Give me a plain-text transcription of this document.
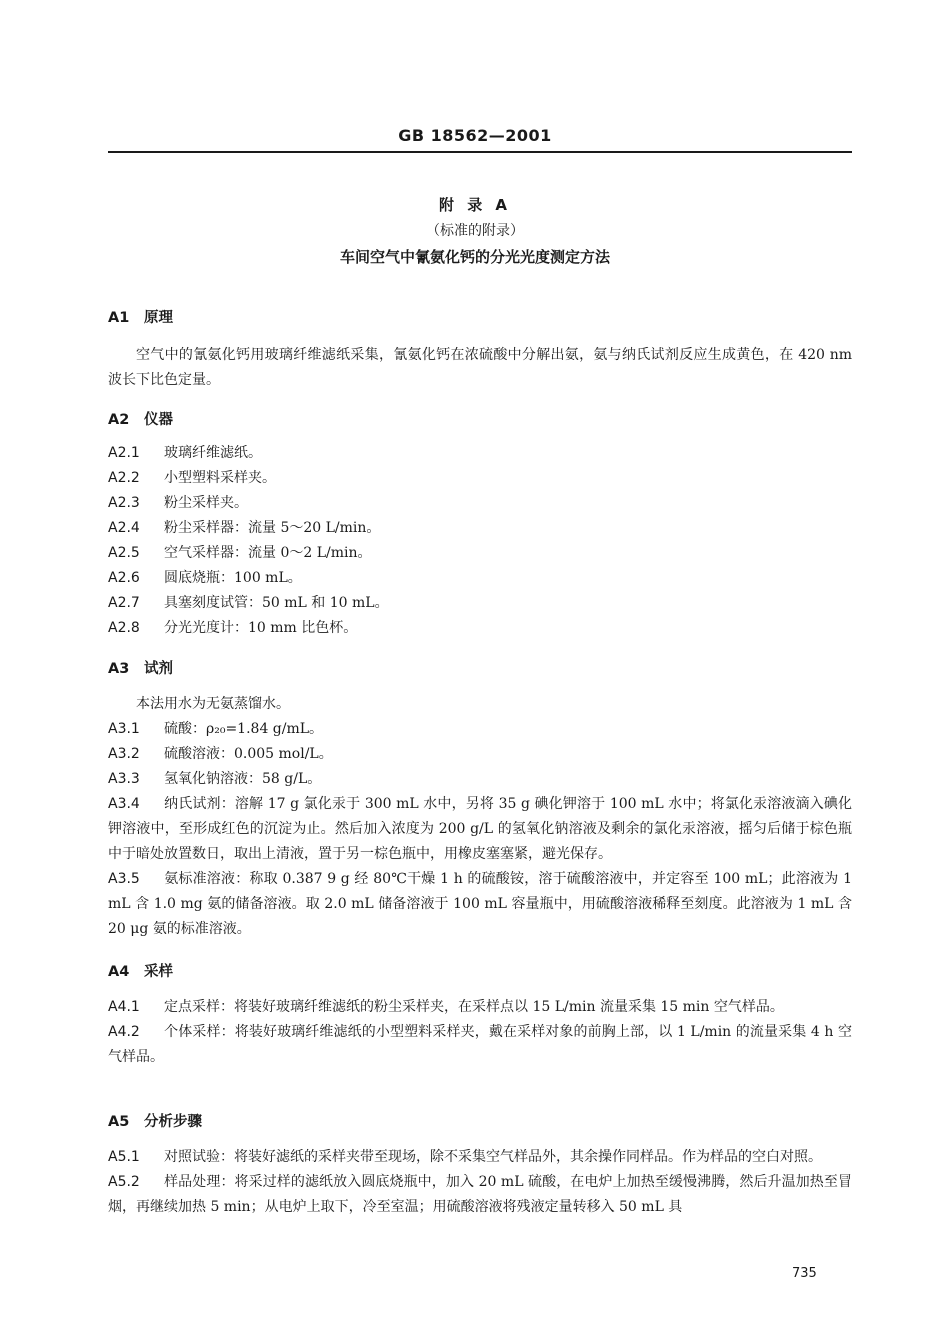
GB 18562—2001
附 录 A
（标准的附录）
车间空气中氰氨化钙的分光光度测定方法
A1 原理
空气中的氰氨化钙用玻璃纤维滤纸采集，氰氨化钙在浓硫酸中分解出氨，氨与纳氏试剂反应生成黄色，在 420 nm 波长下比色定量。
A2 仪器

A2.1 玻璃纤维滤纸。

A2.2 小型塑料采样夹。

A2.3 粉尘采样夹。

A2.4 粉尘采样器：流量 5～20 L/min。

A2.5 空气采样器：流量 0～2 L/min。

A2.6 圆底烧瓶：100 mL。

A2.7 具塞刻度试管：50 mL 和 10 mL。

A2.8 分光光度计：10 mm 比色杯。

A3 试剂

本法用水为无氨蒸馏水。

A3.1 硫酸：ρ₂₀=1.84 g/mL。

A3.2 硫酸溶液：0.005 mol/L。

A3.3 氢氧化钠溶液：58 g/L。

A3.4 纳氏试剂：溶解 17 g 氯化汞于 300 mL 水中，另将 35 g 碘化钾溶于 100 mL 水中；将氯化汞溶液滴入碘化钾溶液中，至形成红色的沉淀为止。然后加入浓度为 200 g/L 的氢氧化钠溶液及剩余的氯化汞溶液，摇匀后储于棕色瓶中于暗处放置数日，取出上清液，置于另一棕色瓶中，用橡皮塞塞紧，避光保存。

A3.5 氨标准溶液：称取 0.387 9 g 经 80℃干燥 1 h 的硫酸铵，溶于硫酸溶液中，并定容至 100 mL；此溶液为 1 mL 含 1.0 mg 氨的储备溶液。取 2.0 mL 储备溶液于 100 mL 容量瓶中，用硫酸溶液稀释至刻度。此溶液为 1 mL 含 20 μg 氨的标准溶液。

A4 采样

A4.1 定点采样：将装好玻璃纤维滤纸的粉尘采样夹，在采样点以 15 L/min 流量采集 15 min 空气样品。

A4.2 个体采样：将装好玻璃纤维滤纸的小型塑料采样夹，戴在采样对象的前胸上部，以 1 L/min 的流量采集 4 h 空气样品。

A5 分析步骤

A5.1 对照试验：将装好滤纸的采样夹带至现场，除不采集空气样品外，其余操作同样品。作为样品的空白对照。

A5.2 样品处理：将采过样的滤纸放入圆底烧瓶中，加入 20 mL 硫酸，在电炉上加热至缓慢沸腾，然后升温加热至冒烟，再继续加热 5 min；从电炉上取下，冷至室温；用硫酸溶液将残液定量转移入 50 mL 具

735
